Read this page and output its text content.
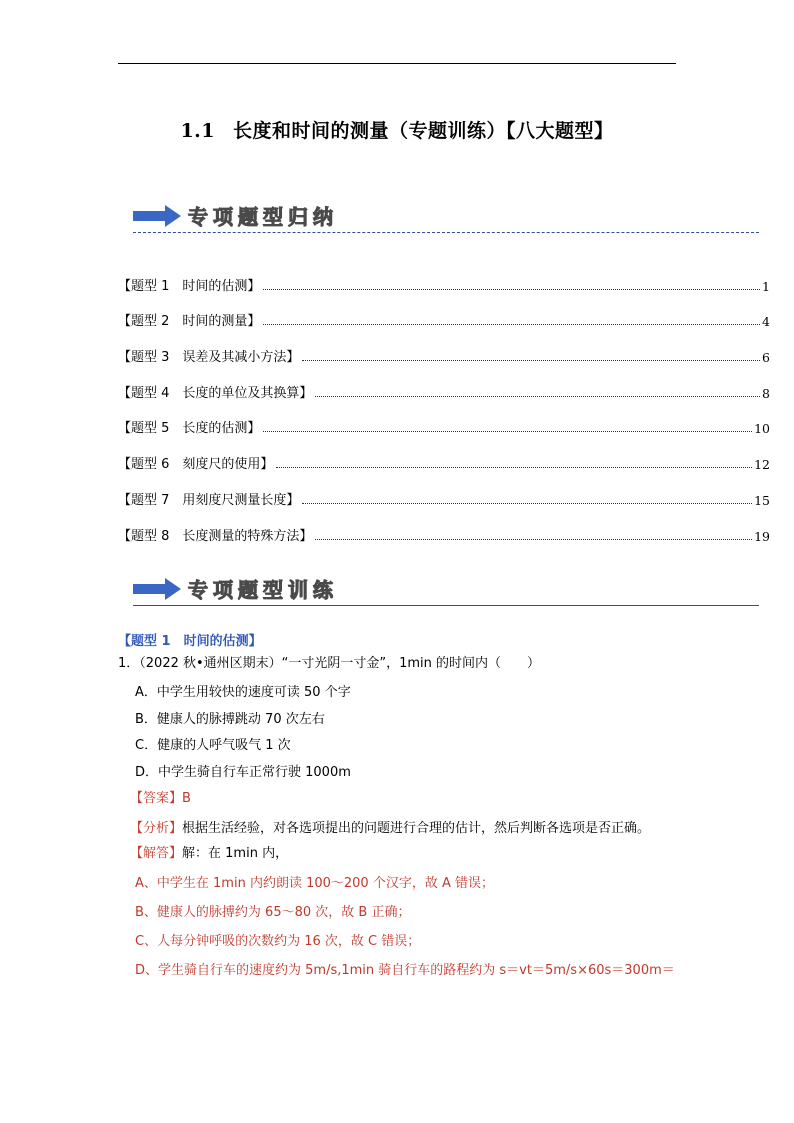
1.1 长度和时间的测量（专题训练）【八大题型】
专项题型归纳
【题型 1　时间的估测】	1
【题型 2　时间的测量】	4
【题型 3　误差及其减小方法】	6
【题型 4　长度的单位及其换算】	8
【题型 5　长度的估测】	10
【题型 6　刻度尺的使用】	12
【题型 7　用刻度尺测量长度】	15
【题型 8　长度测量的特殊方法】	19
专项题型训练
【题型 1　时间的估测】
1．（2022 秋•通州区期末）“一寸光阴一寸金”，1min 的时间内（　　）
A．中学生用较快的速度可读 50 个字
B．健康人的脉搏跳动 70 次左右
C．健康的人呼气吸气 1 次
D．中学生骑自行车正常行驶 1000m
【答案】B
【分析】根据生活经验，对各选项提出的问题进行合理的估计，然后判断各选项是否正确。
【解答】解：在 1min 内，
A、中学生在 1min 内约朗读 100～200 个汉字，故 A 错误；
B、健康人的脉搏约为 65～80 次，故 B 正确；
C、人每分钟呼吸的次数约为 16 次，故 C 错误；
D、学生骑自行车的速度约为 5m/s,1min 骑自行车的路程约为 s＝vt＝5m/s×60s＝300m＝
